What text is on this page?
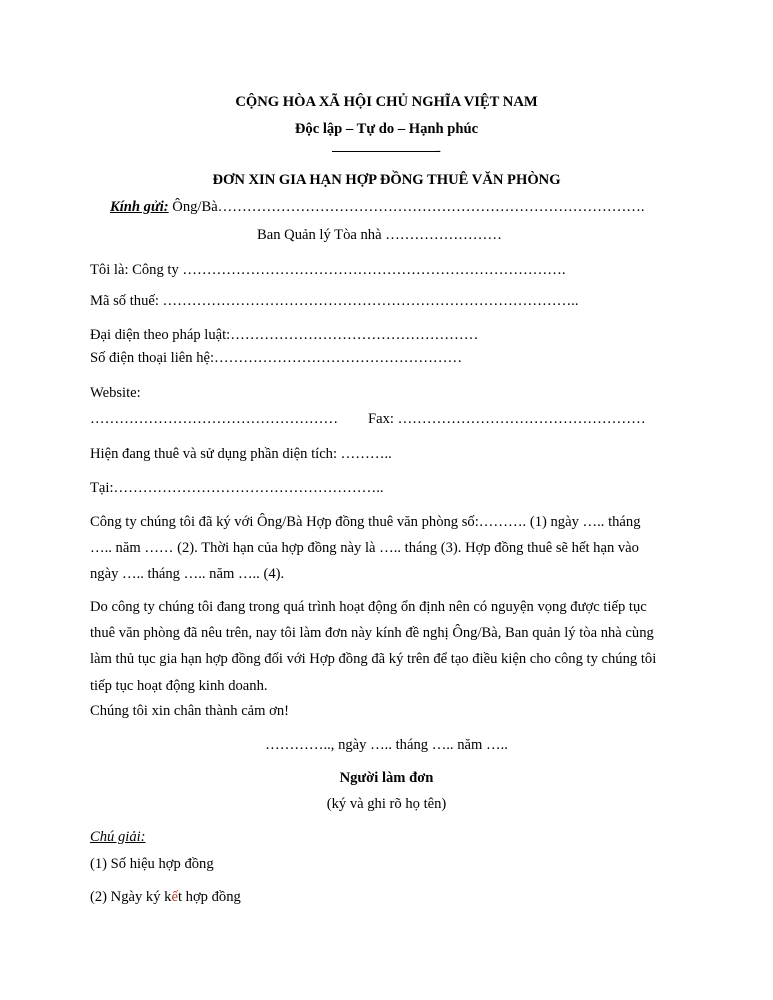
CỘNG HÒA XÃ HỘI CHỦ NGHĨA VIỆT NAM
Độc lập – Tự do – Hạnh phúc
-
ĐƠN XIN GIA HẠN HỢP ĐỒNG THUÊ VĂN PHÒNG
Kính gửi: Ông/Bà…………………………………………………………………………….
Ban Quản lý Tòa nhà ……………………
Tôi là: Công ty …………………………………………………………………….
Mã số thuế: …………………………………………………………………………..
Đại diện theo pháp luật:……………………………………………
Số điện thoại liên hệ:……………………………………………
Website:
…………………………………………… Fax: ……………………………………………
Hiện đang thuê và sử dụng phần diện tích: ………..
Tại:………………………………………………..
Công ty chúng tôi đã ký với Ông/Bà Hợp đồng thuê văn phòng số:………. (1) ngày ….. tháng
….. năm …… (2). Thời hạn của hợp đồng này là ….. tháng (3). Hợp đồng thuê sẽ hết hạn vào
ngày ….. tháng ….. năm ….. (4).
Do công ty chúng tôi đang trong quá trình hoạt động ổn định nên có nguyện vọng được tiếp tục
thuê văn phòng đã nêu trên, nay tôi làm đơn này kính đề nghị Ông/Bà, Ban quản lý tòa nhà cùng
làm thủ tục gia hạn hợp đồng đối với Hợp đồng đã ký trên để tạo điều kiện cho công ty chúng tôi
tiếp tục hoạt động kinh doanh.
Chúng tôi xin chân thành cảm ơn!
………….., ngày ….. tháng ….. năm …..
Người làm đơn
(ký và ghi rõ họ tên)
Chú giải:
(1) Số hiệu hợp đồng
(2) Ngày ký kết hợp đồng
